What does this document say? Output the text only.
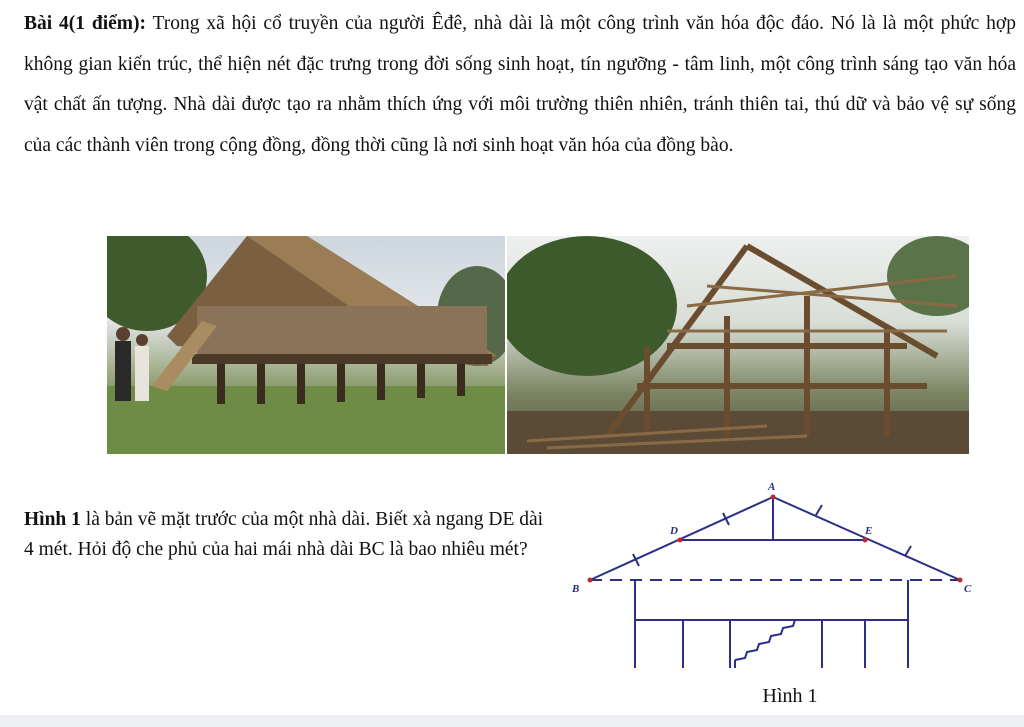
Bài 4(1 điểm): Trong xã hội cổ truyền của người Êđê, nhà dài là một công trình văn hóa độc đáo. Nó là là một phức hợp không gian kiến trúc, thể hiện nét đặc trưng trong đời sống sinh hoạt, tín ngưỡng - tâm linh, một công trình sáng tạo văn hóa vật chất ấn tượng. Nhà dài được tạo ra nhằm thích ứng với môi trường thiên nhiên, tránh thiên tai, thú dữ và bảo vệ sự sống của các thành viên trong cộng đồng, đồng thời cũng là nơi sinh hoạt văn hóa của đồng bào.
Hình 1 là bản vẽ mặt trước của một nhà dài. Biết xà ngang DE dài 4 mét. Hỏi độ che phủ của hai mái nhà dài BC là bao nhiêu mét?
A
B	C
D	E
Hình 1
